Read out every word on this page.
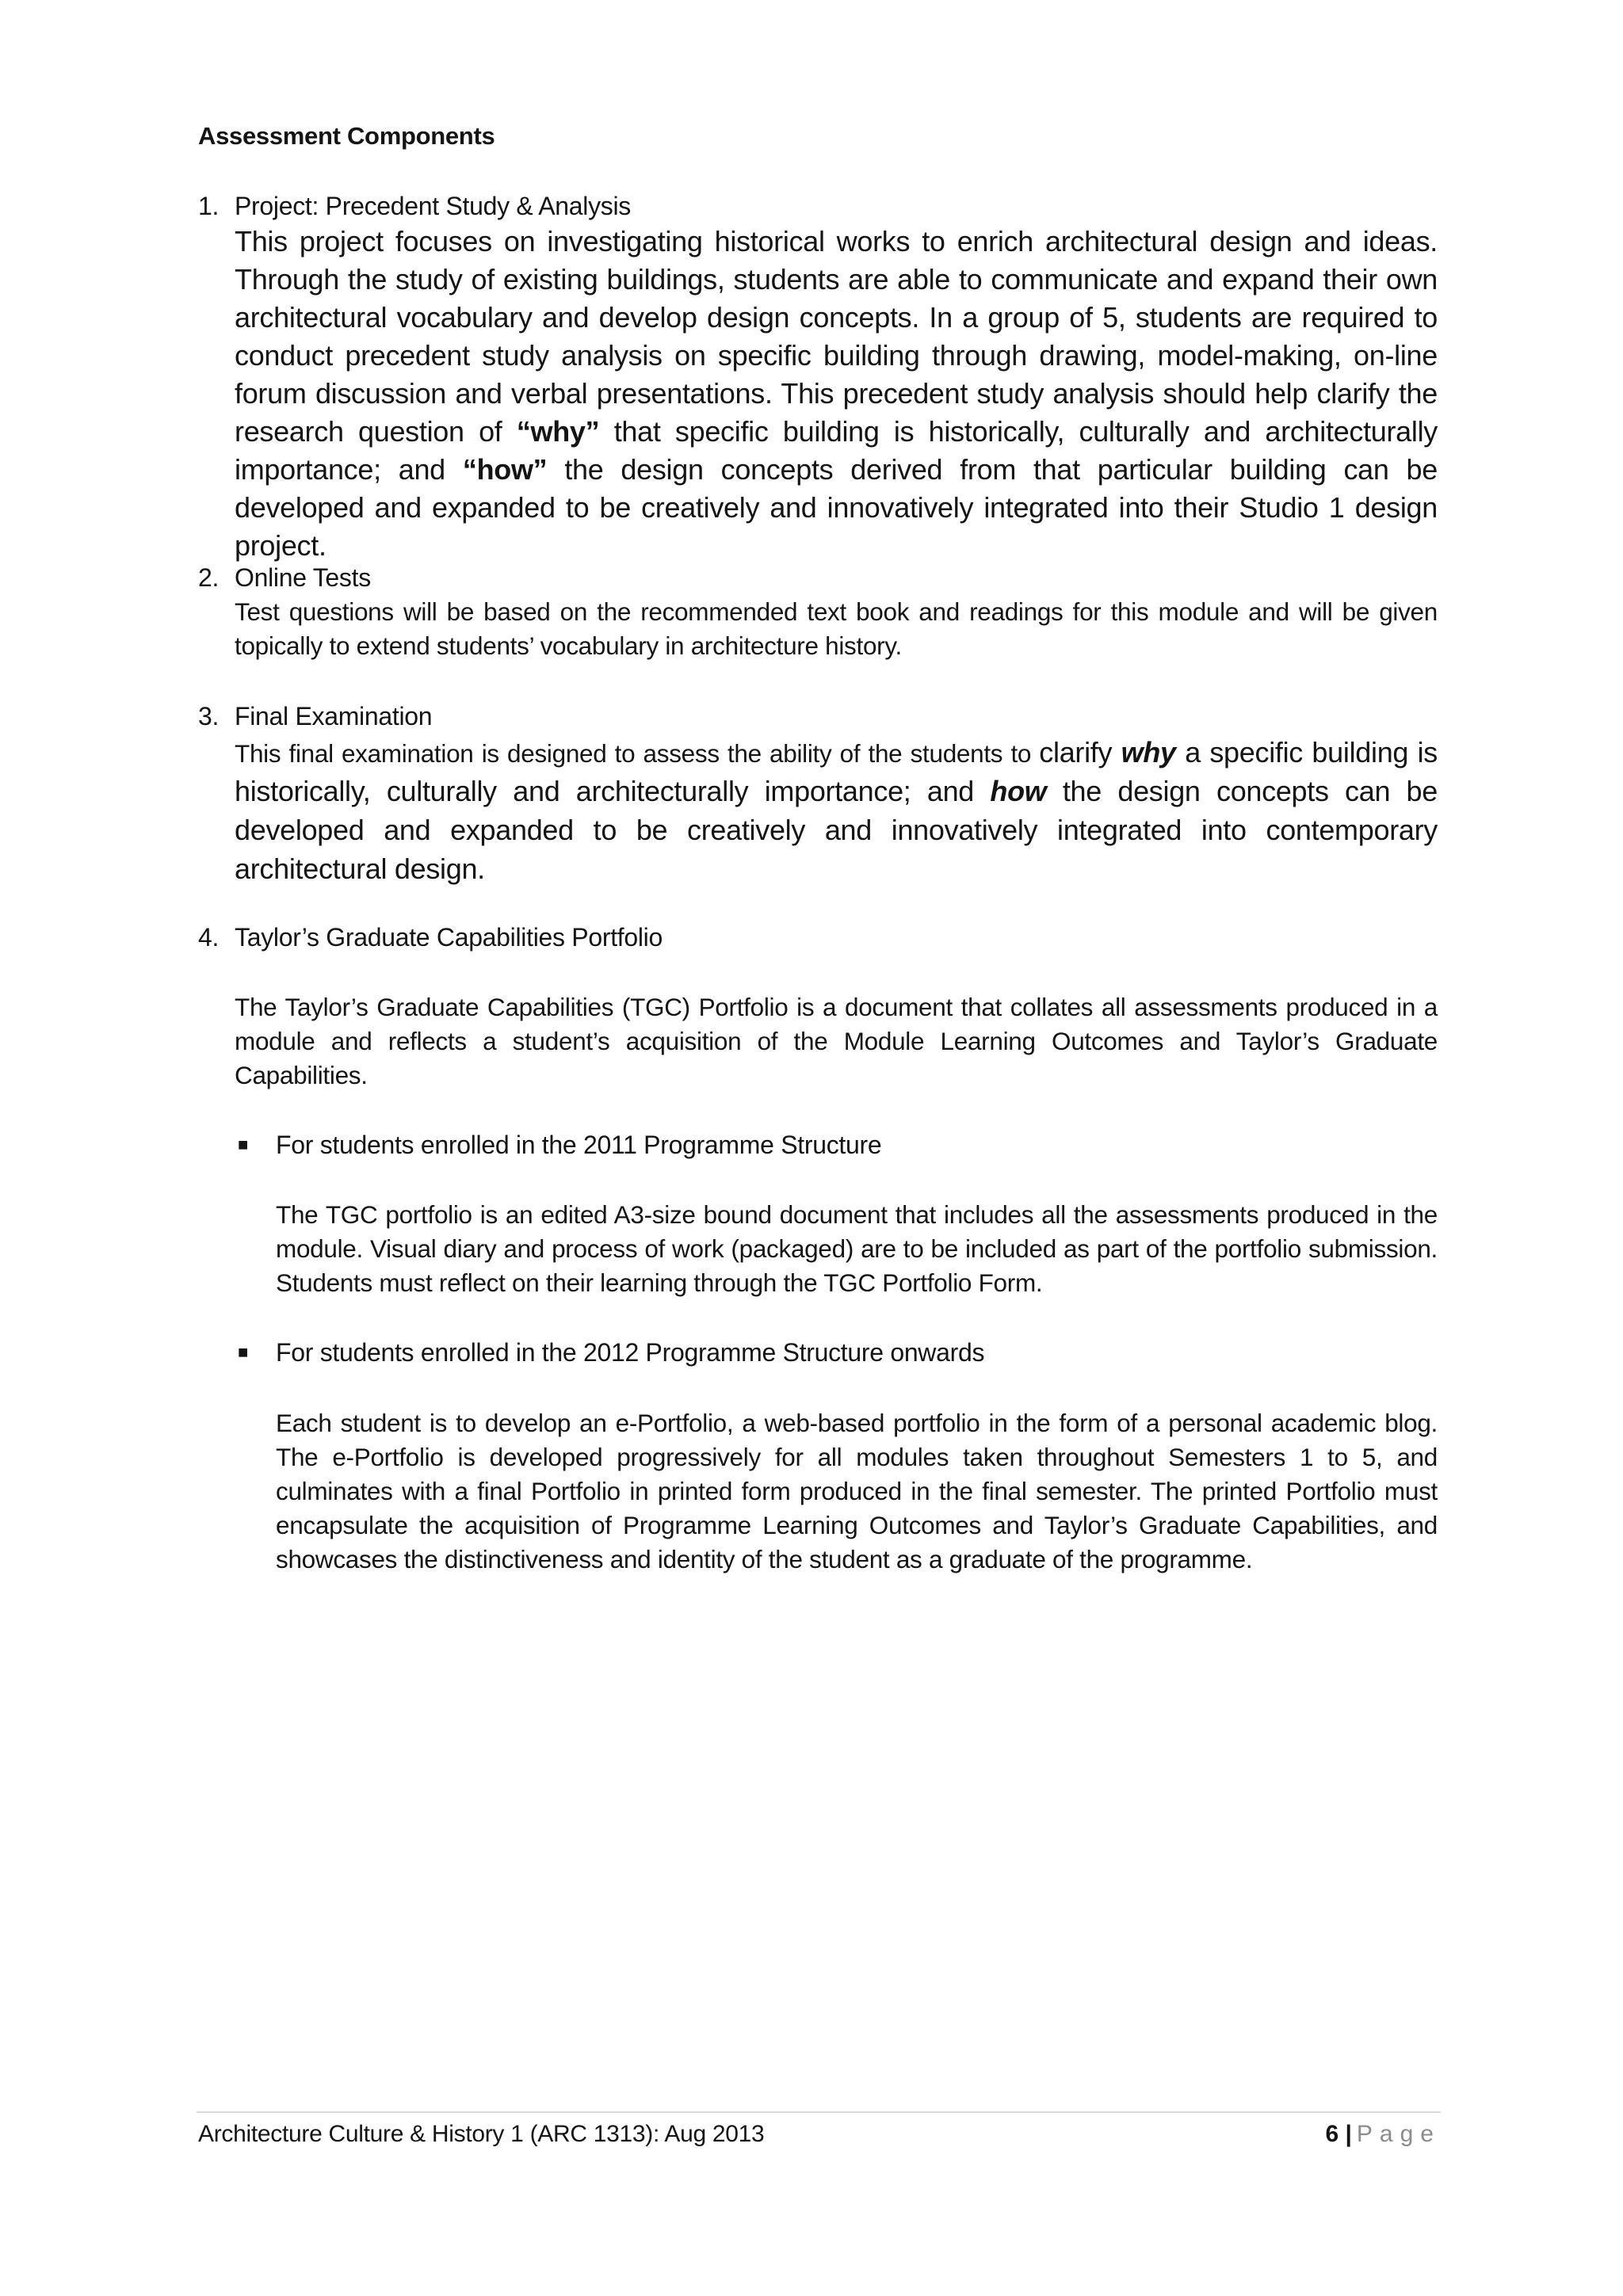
Assessment Components
1. Project: Precedent Study & Analysis
This project focuses on investigating historical works to enrich architectural design and ideas. Through the study of existing buildings, students are able to communicate and expand their own architectural vocabulary and develop design concepts. In a group of 5, students are required to conduct precedent study analysis on specific building through drawing, model-making, on-line forum discussion and verbal presentations. This precedent study analysis should help clarify the research question of “why” that specific building is historically, culturally and architecturally importance; and “how” the design concepts derived from that particular building can be developed and expanded to be creatively and innovatively integrated into their Studio 1 design project.
2. Online Tests
Test questions will be based on the recommended text book and readings for this module and will be given topically to extend students’ vocabulary in architecture history.
3. Final Examination
This final examination is designed to assess the ability of the students to clarify why a specific building is historically, culturally and architecturally importance; and how the design concepts can be developed and expanded to be creatively and innovatively integrated into contemporary architectural design.
4. Taylor’s Graduate Capabilities Portfolio
The Taylor’s Graduate Capabilities (TGC) Portfolio is a document that collates all assessments produced in a module and reflects a student’s acquisition of the Module Learning Outcomes and Taylor’s Graduate Capabilities.
■ For students enrolled in the 2011 Programme Structure
The TGC portfolio is an edited A3-size bound document that includes all the assessments produced in the module. Visual diary and process of work (packaged) are to be included as part of the portfolio submission. Students must reflect on their learning through the TGC Portfolio Form.
■ For students enrolled in the 2012 Programme Structure onwards
Each student is to develop an e-Portfolio, a web-based portfolio in the form of a personal academic blog. The e-Portfolio is developed progressively for all modules taken throughout Semesters 1 to 5, and culminates with a final Portfolio in printed form produced in the final semester. The printed Portfolio must encapsulate the acquisition of Programme Learning Outcomes and Taylor’s Graduate Capabilities, and showcases the distinctiveness and identity of the student as a graduate of the programme.
Architecture Culture & History 1 (ARC 1313): Aug 2013	6 | Page
